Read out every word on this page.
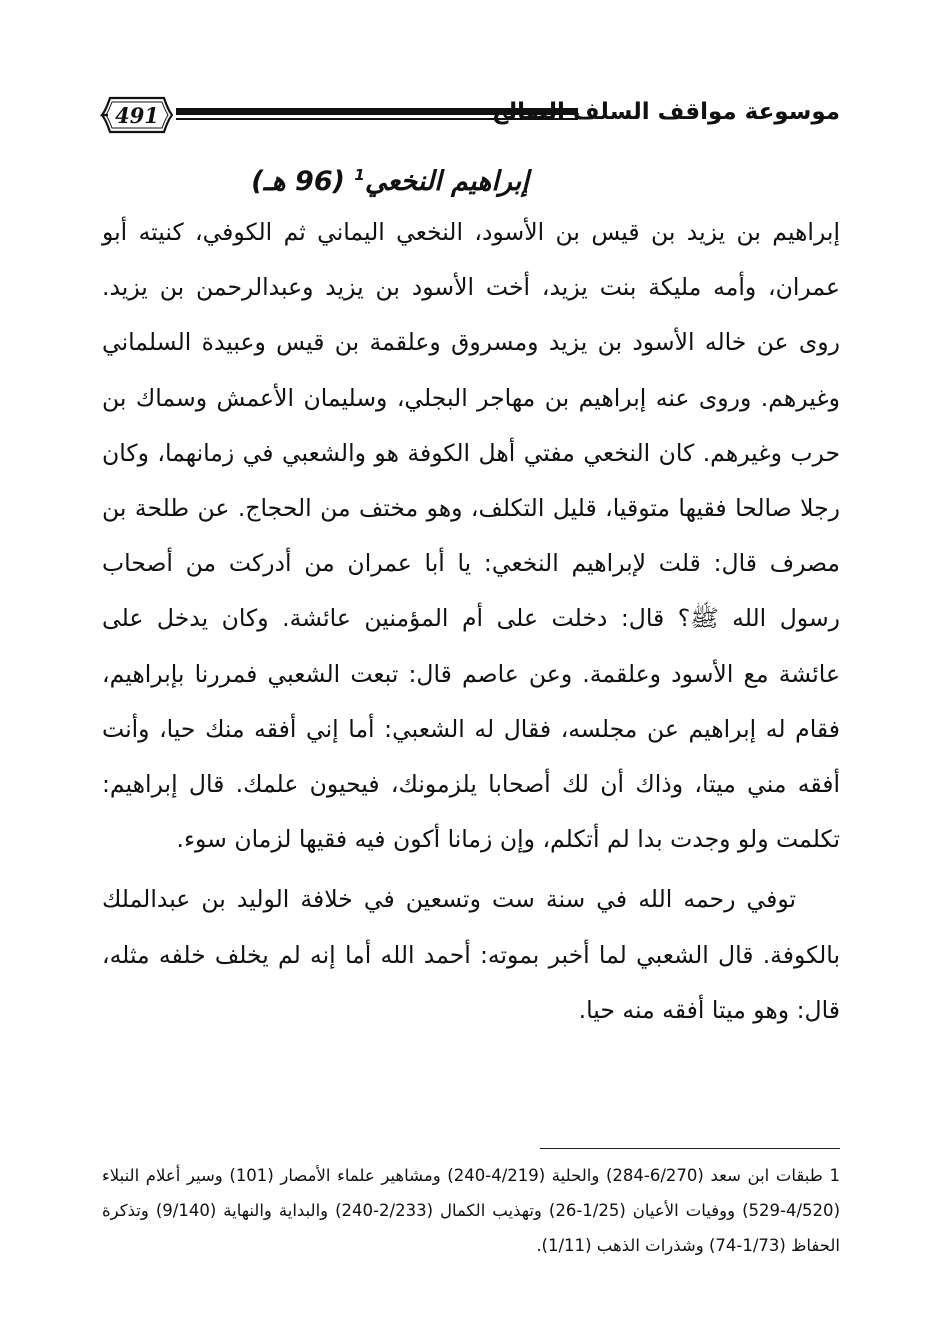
491	موسوعة مواقف السلف الصالح
إبراهيم النخعي$^1$ (96 هـ)

إبراهيم بن يزيد بن قيس بن الأسود، النخعي اليماني ثم الكوفي، كنيته أبو عمران، وأمه مليكة بنت يزيد، أخت الأسود بن يزيد وعبدالرحمن بن يزيد. روى عن خاله الأسود بن يزيد ومسروق وعلقمة بن قيس وعبيدة السلماني وغيرهم. وروى عنه إبراهيم بن مهاجر البجلي، وسليمان الأعمش وسماك بن حرب وغيرهم. كان النخعي مفتي أهل الكوفة هو والشعبي في زمانهما، وكان رجلا صالحا فقيها متوقيا، قليل التكلف، وهو مختف من الحجاج. عن طلحة بن مصرف قال: قلت لإبراهيم النخعي: يا أبا عمران من أدركت من أصحاب رسول الله ﷺ؟ قال: دخلت على أم المؤمنين عائشة. وكان يدخل على عائشة مع الأسود وعلقمة. وعن عاصم قال: تبعت الشعبي فمررنا بإبراهيم، فقام له إبراهيم عن مجلسه، فقال له الشعبي: أما إني أفقه منك حيا، وأنت أفقه مني ميتا، وذاك أن لك أصحابا يلزمونك، فيحيون علمك. قال إبراهيم: تكلمت ولو وجدت بدا لم أتكلم، وإن زمانا أكون فيه فقيها لزمان سوء.

توفي رحمه الله في سنة ست وتسعين في خلافة الوليد بن عبدالملك بالكوفة. قال الشعبي لما أخبر بموته: أحمد الله أما إنه لم يخلف خلفه مثله، قال: وهو ميتا أفقه منه حيا.

1 طبقات ابن سعد (6/270-284) والحلية (4/219-240) ومشاهير علماء الأمصار (101) وسير أعلام النبلاء (4/520-529) ووفيات الأعيان (1/25-26) وتهذيب الكمال (2/233-240) والبداية والنهاية (9/140) وتذكرة الحفاظ (1/73-74) وشذرات الذهب (1/11).
